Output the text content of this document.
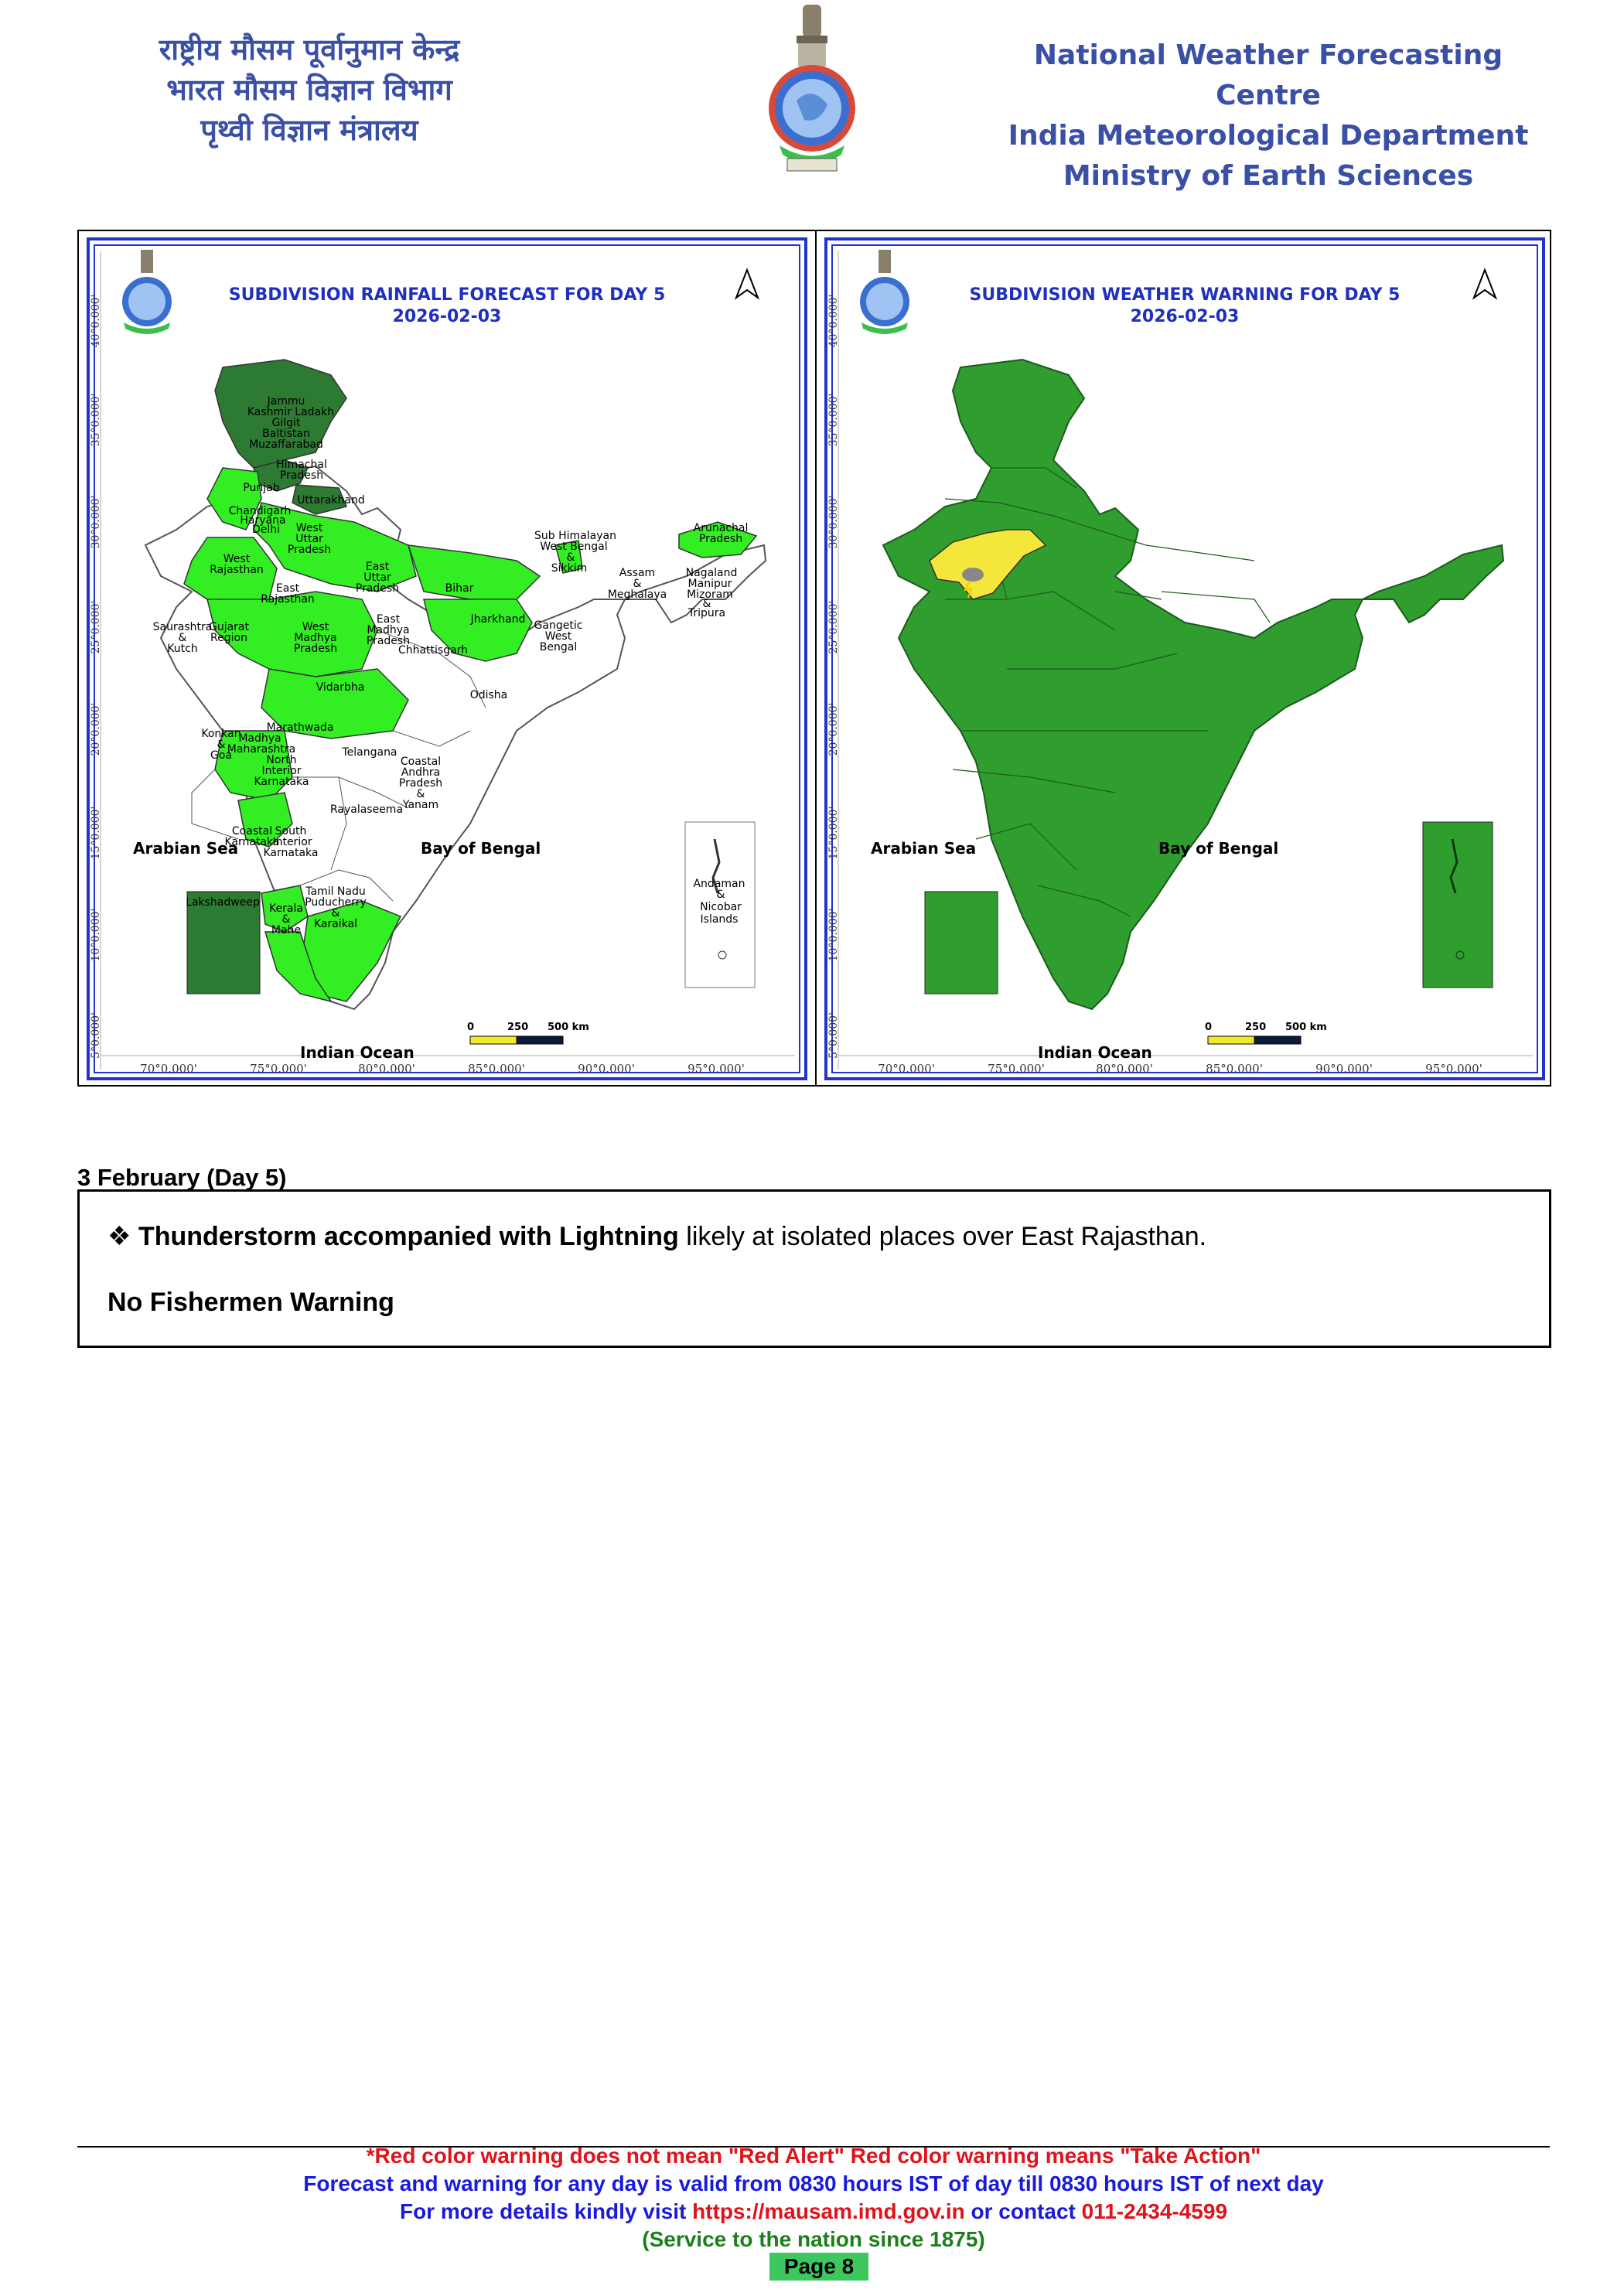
राष्ट्रीय मौसम पूर्वानुमान केन्द्र
भारत मौसम विज्ञान विभाग
पृथ्वी विज्ञान मंत्रालय
National Weather Forecasting Centre
India Meteorological Department
Ministry of Earth Sciences
SUBDIVISION RAINFALL FORECAST FOR DAY 5
2026-02-03
Jammu
Kashmir Ladakh
Gilgit
Baltistan
Muzaffarabad
Himachal
Pradesh
Punjab
Uttarakhand
Chandigarh
Haryana
Delhi West
Uttar
Pradesh
West
Rajasthan
East
Rajasthan
East
Uttar
Pradesh	Bihar
Sub Himalayan
West Bengal
&
Sikkim
Arunachal
Pradesh
Assam
&
Meghalaya
Nagaland
Manipur
Mizoram
&
Tripura
Saurashtra
&
Kutch
Gujarat
Region
West
Madhya
Pradesh
East
Madhya
Pradesh
Jharkhand Gangetic
West
Bengal
Chhattisgarh
Vidarbha
Odisha
Marathwada
Konkan
&
Goa
Madhya
Maharashtra
North
Interior
Karnataka
Telangana
Coastal
Andhra
Pradesh
&
Yanam
Rayalaseema
Coastal
Karnataka
South
Interior
Karnataka
Tamil Nadu
Puducherry
&
Karaikal
Kerala
&
Mahe
Lakshadweep
Andaman
&
Nicobar
Islands
Arabian Sea	Bay of Bengal
Indian Ocean
40°0.000'
35°0.000'
30°0.000'
25°0.000'
20°0.000'
15°0.000'
10°0.000'
5°0.000'
70°0.000'	75°0.000'	80°0.000'	85°0.000'	90°0.000'	95°0.000'
0	250 500 km
SUBDIVISION WEATHER WARNING FOR DAY 5
2026-02-03
Arabian Sea	Bay of Bengal
Indian Ocean
40°0.000'
35°0.000'
30°0.000'
25°0.000'
20°0.000'
15°0.000'
10°0.000'
5°0.000'
70°0.000'	75°0.000'	80°0.000'	85°0.000'	90°0.000'	95°0.000'
0	250 500 km
3 February (Day 5)
❖ Thunderstorm accompanied with Lightning likely at isolated places over East Rajasthan.
No Fishermen Warning
*Red color warning does not mean "Red Alert" Red color warning means "Take Action"
Forecast and warning for any day is valid from 0830 hours IST of day till 0830 hours IST of next day
For more details kindly visit https://mausam.imd.gov.in or contact 011-2434-4599
(Service to the nation since 1875)
Page 8
